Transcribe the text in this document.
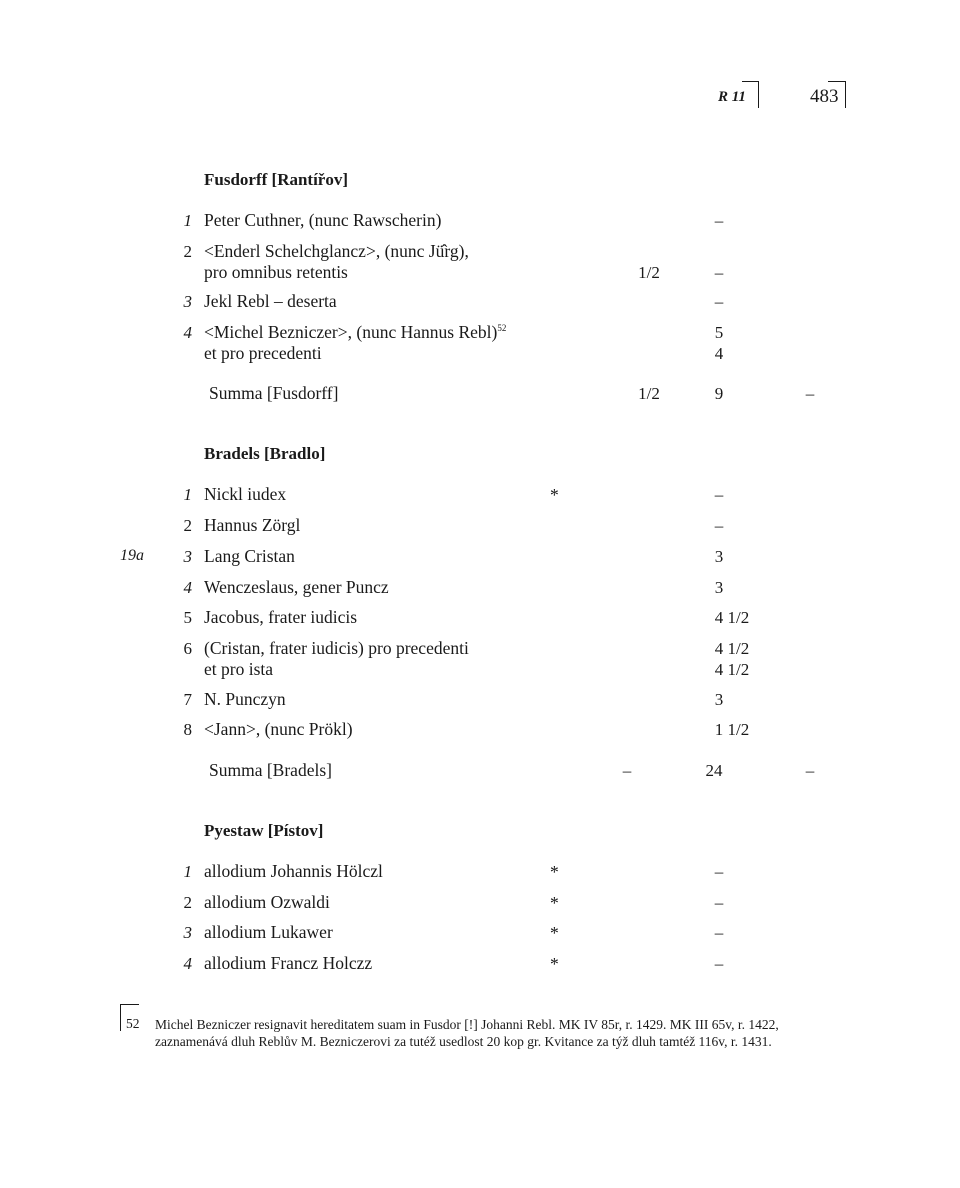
R 11	483
Fusdorff [Rantířov]
1 Peter Cuthner, (nunc Rawscherin)	–
2 <Enderl Schelchglancz>, (nunc Jü̂rg),
pro omnibus retentis	1/2	–
3 Jekl Rebl – deserta	–
4 <Michel Bezniczer>, (nunc Hannus Rebl)$^{52}$	5
et pro precedenti	4
Summa [Fusdorff]	1/2	9	–
Bradels [Bradlo]
1 Nickl iudex	*	–
2 Hannus Zörgl	–
19a	3 Lang Cristan	3
4 Wenczeslaus, gener Puncz	3
5 Jacobus, frater iudicis	4 1/2
6 (Cristan, frater iudicis) pro precedenti	4 1/2
et pro ista	4 1/2
7 N. Punczyn	3
8 <Jann>, (nunc Prökl)	1 1/2
Summa [Bradels]	–	24	–
Pyestaw [Pístov]
1 allodium Johannis Hölczl	*	–
2 allodium Ozwaldi	*	–
3 allodium Lukawer	*	–
4 allodium Francz Holczz	*	–
52 Michel Bezniczer resignavit hereditatem suam in Fusdor [!] Johanni Rebl. MK IV 85r, r. 1429. MK III 65v, r. 1422, zaznamenává dluh Reblův M. Bezniczerovi za tutéž usedlost 20 kop gr. Kvitance za týž dluh tamtéž 116v, r. 1431.
